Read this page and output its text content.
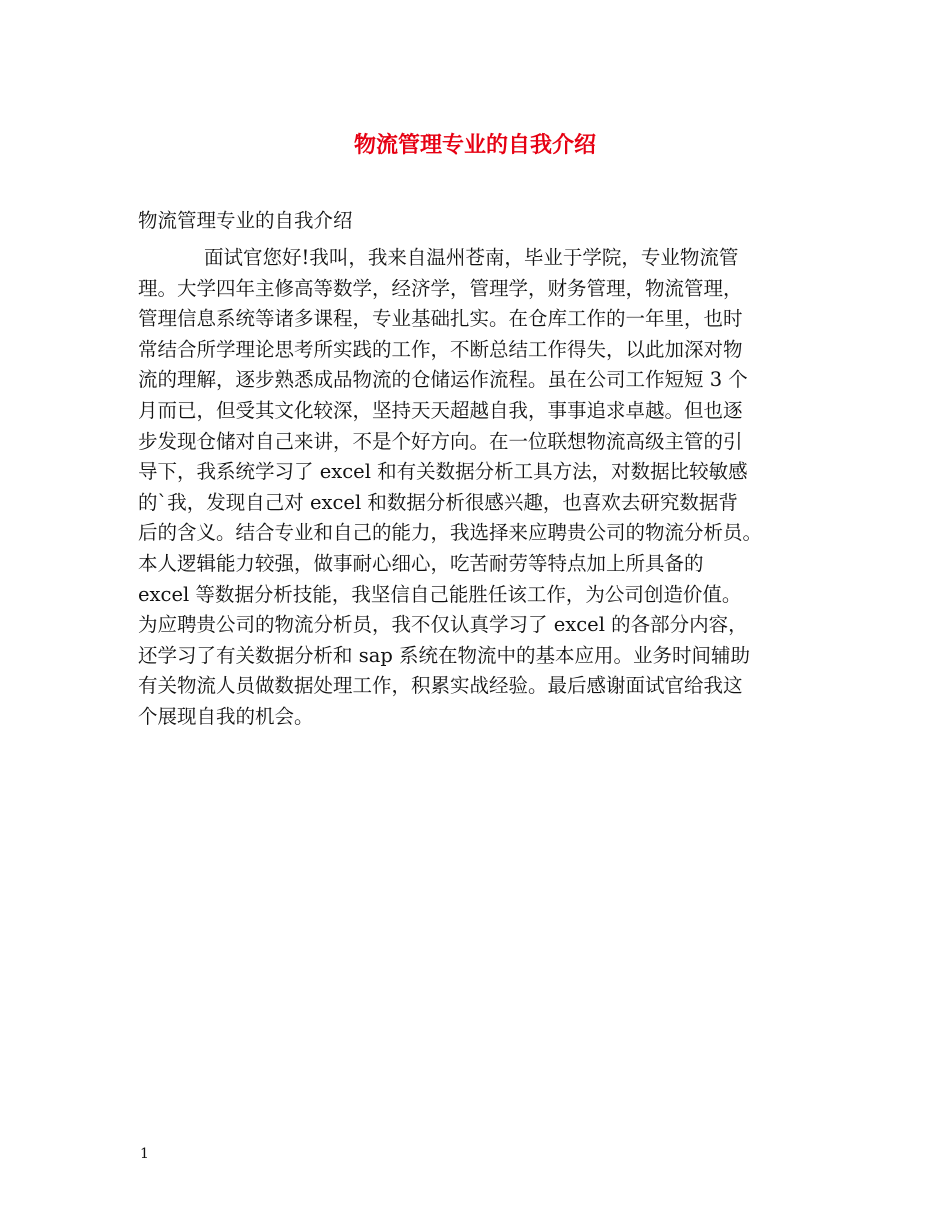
物流管理专业的自我介绍
物流管理专业的自我介绍
面试官您好!我叫，我来自温州苍南，毕业于学院，专业物流管
理。大学四年主修高等数学，经济学，管理学，财务管理，物流管理，
管理信息系统等诸多课程，专业基础扎实。在仓库工作的一年里，也时
常结合所学理论思考所实践的工作，不断总结工作得失，以此加深对物
流的理解，逐步熟悉成品物流的仓储运作流程。虽在公司工作短短 3 个
月而已，但受其文化较深，坚持天天超越自我，事事追求卓越。但也逐
步发现仓储对自己来讲，不是个好方向。在一位联想物流高级主管的引
导下，我系统学习了 excel 和有关数据分析工具方法，对数据比较敏感
的`我，发现自己对 excel 和数据分析很感兴趣，也喜欢去研究数据背
后的含义。结合专业和自己的能力，我选择来应聘贵公司的物流分析员。
本人逻辑能力较强，做事耐心细心，吃苦耐劳等特点加上所具备的
excel 等数据分析技能，我坚信自己能胜任该工作，为公司创造价值。
为应聘贵公司的物流分析员，我不仅认真学习了 excel 的各部分内容，
还学习了有关数据分析和 sap 系统在物流中的基本应用。业务时间辅助
有关物流人员做数据处理工作，积累实战经验。最后感谢面试官给我这
个展现自我的机会。
1
